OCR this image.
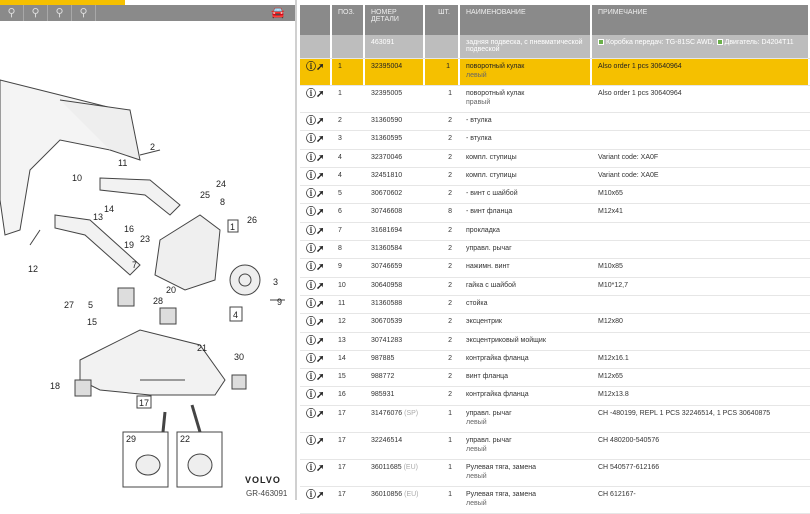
⚲	⚲	⚲	⚲	🚘
10
11
12
13
14
15
16
19
23
24
25
26
27	28	9
1
4
5
20
21
30
18
17
3
8
7
29	22
2
VOLVO
GR-463091
ПОЗ.	НОМЕР ДЕТАЛИ
ШТ.	НАИМЕНОВАНИЕ	ПРИМЕЧАНИЕ
463091	задняя подвеска, с пневматической подвеской
Коробка передач: TG-81SC AWD, Двигатель: D4204T11
ⓘ➚	1	32395004	1	поворотный кулак
левый
Also order 1 pcs 30640964
ⓘ➚	1	32395005	1	поворотный кулак
правый
Also order 1 pcs 30640964
ⓘ➚	2	31360590	2	- втулка
ⓘ➚	3	31360595	2	- втулка
ⓘ➚	4	32370046	2	компл. ступицы	Variant code: XA0F
ⓘ➚	4	32451810	2	компл. ступицы	Variant code: XA0E
ⓘ➚	5	30670602	2	- винт с шайбой	M10x65
ⓘ➚	6	30746608	8	- винт фланца	M12x41
ⓘ➚	7	31681694	2	прокладка
ⓘ➚	8	31360584	2	управл. рычаг
ⓘ➚	9	30746659	2	нажимн. винт	M10x85
ⓘ➚	10	30640958	2	гайка с шайбой	M10*12,7
ⓘ➚	11	31360588	2	стойка
ⓘ➚	12	30670539	2	эксцентрик	M12x80
ⓘ➚	13	30741283	2	эксцентриковый мойщик
ⓘ➚	14	987885	2	контргайка фланца	M12x16.1
ⓘ➚	15	988772	2	винт фланца	M12x65
ⓘ➚	16	985931	2	контргайка фланца	M12x13.8
ⓘ➚	17	31476076 (SP)	1	управл. рычаг
левый
CH -480199, REPL 1 PCS 32246514, 1 PCS 30640875
ⓘ➚	17	32246514	1	управл. рычаг
левый
CH 480200-540576
ⓘ➚	17	36011685 (EU)	1	Рулевая тяга, замена
левый
CH 540577-612166
ⓘ➚	17	36010856 (EU)	1	Рулевая тяга, замена
левый
CH 612167-
